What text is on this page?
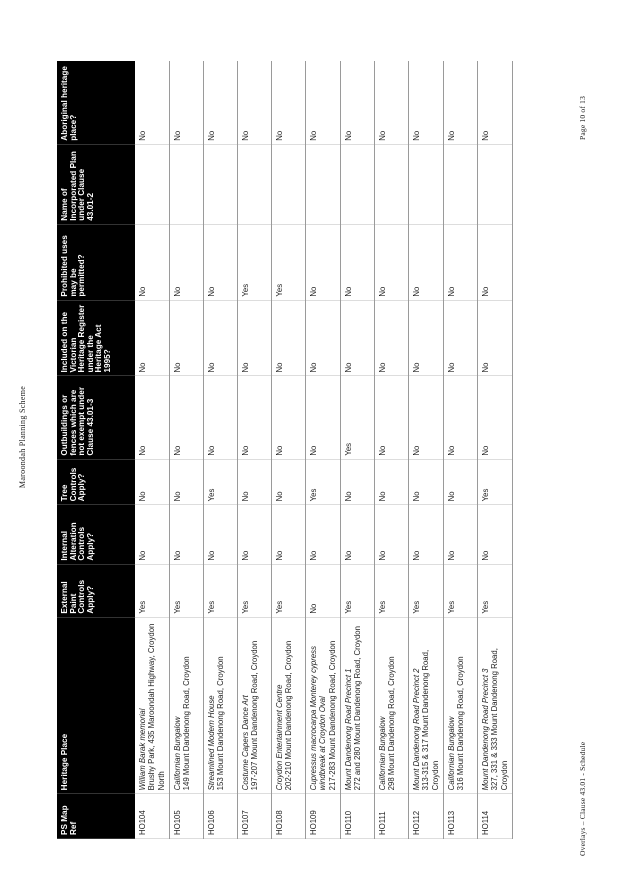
Maroondah Planning Scheme
PS Map Ref	Heritage Place	External Paint Controls Apply?	Internal Alteration Controls Apply?	Tree Controls Apply?	Outbuildings or fences which are not exempt under Clause 43.01-3	Included on the Victorian Heritage Register under the Heritage Act 1995?	Prohibited uses may be permitted?	Name of Incorporated Plan under Clause 43.01-2	Aboriginal heritage place?
HO104	William Barak memorial Brushy Park, 435 Maroondah Highway, Croydon North	Yes	No	No	No	No	No		No
HO105	Californian Bungalow 149 Mount Dandenong Road, Croydon	Yes	No	No	No	No	No		No
HO106	Streamlined Modern House 153 Mount Dandenong Road, Croydon	Yes	No	Yes	No	No	No		No
HO107	Costume Capers Dance Art 197-207 Mount Dandenong Road, Croydon	Yes	No	No	No	No	Yes		No
HO108	Croydon Entertainment Centre 202-210 Mount Dandenong Road, Croydon	Yes	No	No	No	No	Yes		No
HO109	Cupressus macrocarpa Monterey cypress windbreak at Croydon Oval 217-283 Mount Dandenong Road, Croydon	No	No	Yes	No	No	No		No
HO110	Mount Dandenong Road Precinct 1 272 and 280 Mount Dandenong Road, Croydon	Yes	No	No	Yes	No	No		No
HO111	Californian Bungalow 298 Mount Dandenong Road, Croydon	Yes	No	No	No	No	No		No
HO112	Mount Dandenong Road Precinct 2 313-315 & 317 Mount Dandenong Road, Croydon	Yes	No	No	No	No	No		No
HO113	Californian Bungalow 316 Mount Dandenong Road, Croydon	Yes	No	No	No	No	No		No
HO114	Mount Dandenong Road Precinct 3 327, 331 & 333 Mount Dandenong Road, Croydon	Yes	No	Yes	No	No	No		No
Overlays – Clause 43.01 - Schedule
Page 10 of 13
